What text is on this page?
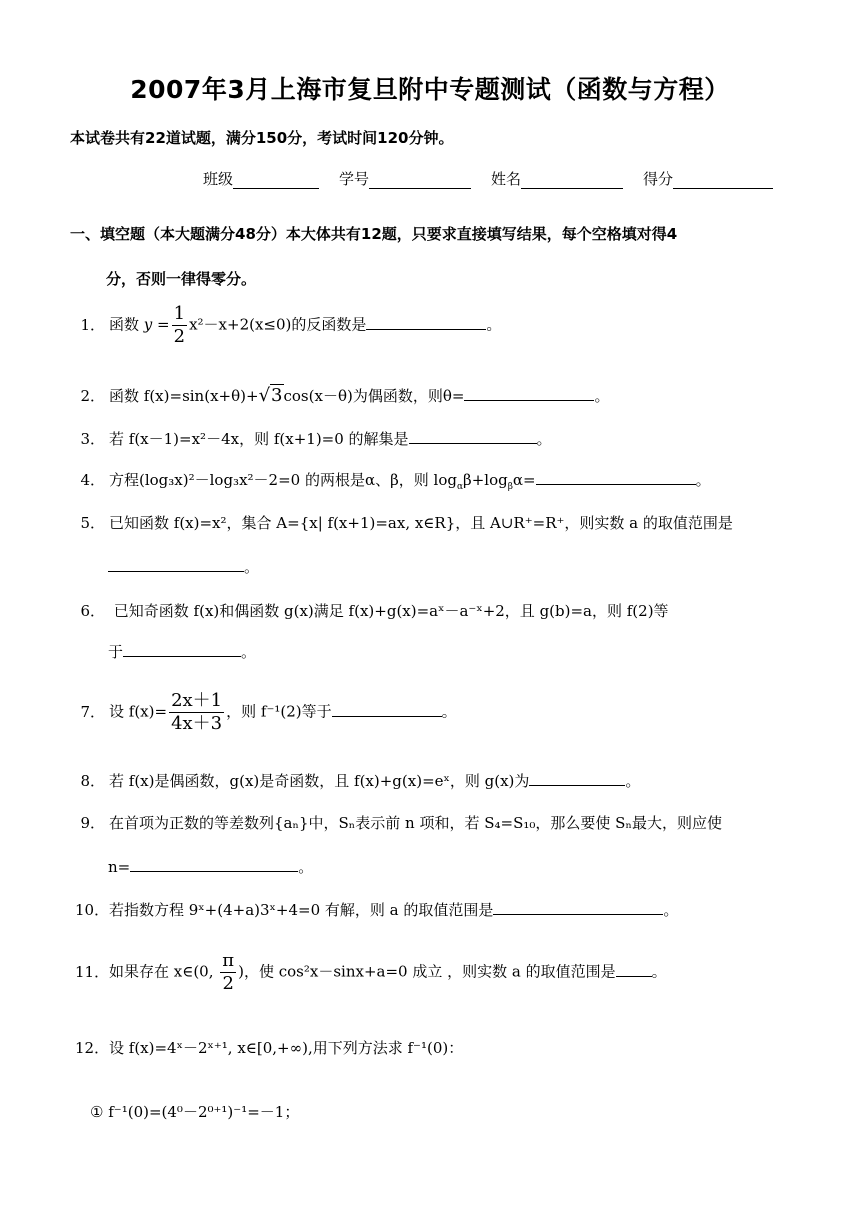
2007年3月上海市复旦附中专题测试（函数与方程）
本试卷共有22道试题，满分150分，考试时间120分钟。
班级	学号	姓名	得分
一、填空题（本大题满分48分）本大体共有12题，只要求直接填写结果，每个空格填对得4
分，否则一律得零分。
1． 函数 $y = \frac{1}{2} x^2-x+2(x\le 0)$的反函数是	。
2． 函数 f(x)=sin(x+θ)+√3cos(x－θ)为偶函数，则θ=	。
3． 若 f(x－1)=x²－4x，则 f(x+1)=0 的解集是	。
4． 方程(log₃x)²－log₃x²－2=0 的两根是α、β，则 $\log_\alpha\beta+\log_\beta\alpha=$	。
5． 已知函数 f(x)=x²，集合 A={x| f(x+1)=ax, x∈R}，且 A∪R⁺=R⁺，则实数 a 的取值范围是
。
6． 已知奇函数 f(x)和偶函数 g(x)满足 f(x)+g(x)=aˣ－a⁻ˣ+2，且 g(b)=a，则 f(2)等
于	。
7． 设 $f(x)= \frac{2x+1}{4x+3}$ ，则 f⁻¹(2)等于	。
8． 若 f(x)是偶函数，g(x)是奇函数，且 f(x)+g(x)=eˣ，则 g(x)为	。
9． 在首项为正数的等差数列{aₙ}中，Sₙ表示前 n 项和，若 S₄=S₁₀，那么要使 Sₙ最大，则应使
n=	。
10．若指数方程 9ˣ+(4+a)3ˣ+4=0 有解，则 a 的取值范围是	。
11．如果存在 x∈(0, $\frac{\pi}{2}$ )，使 cos²x－sinx+a=0 成立 ，则实数 a 的取值范围是 。
12．设 f(x)=4ˣ－2ˣ⁺¹, x∈[0,+∞),用下列方法求 f⁻¹(0)：
① f⁻¹(0)=(4⁰－2⁰⁺¹)⁻¹=－1；
